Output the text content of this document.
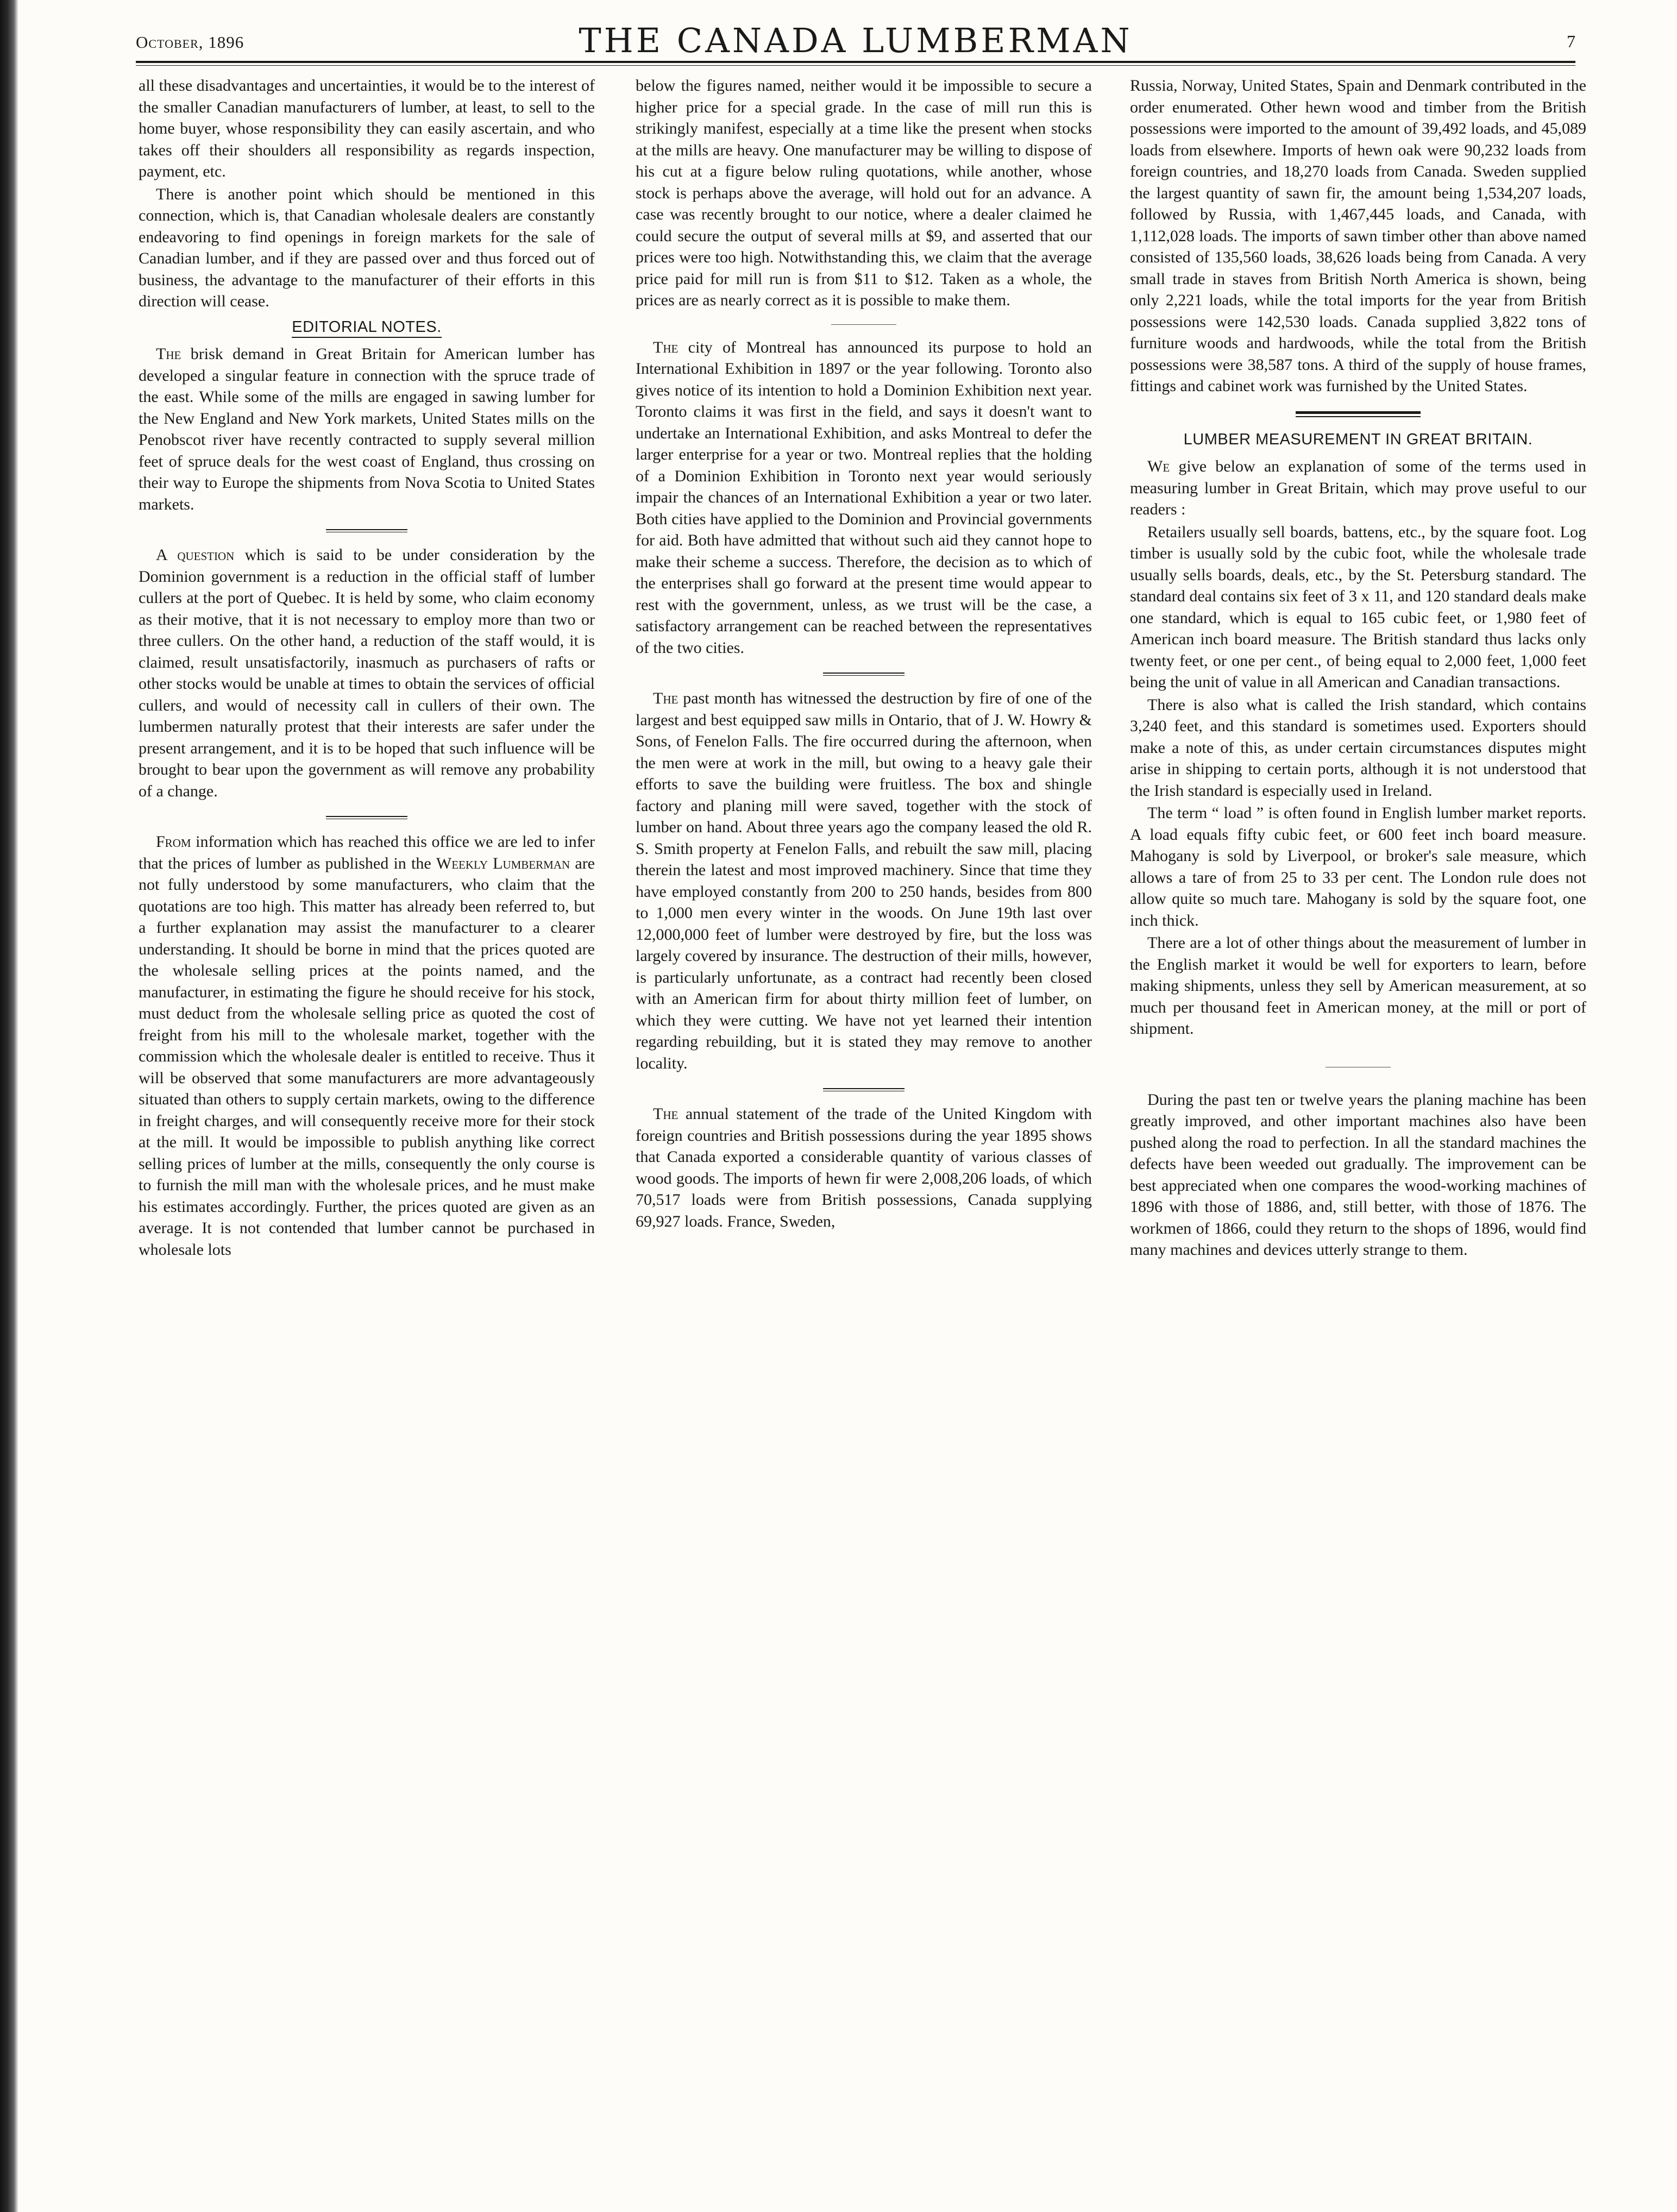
October, 1896	THE CANADA LUMBERMAN	7

all these disadvantages and uncertainties, it would be to the interest of the smaller Canadian manufacturers of lumber, at least, to sell to the home buyer, whose responsibility they can easily ascertain, and who takes off their shoulders all responsibility as regards inspection, payment, etc.

There is another point which should be mentioned in this connection, which is, that Canadian wholesale dealers are constantly endeavoring to find openings in foreign markets for the sale of Canadian lumber, and if they are passed over and thus forced out of business, the advantage to the manufacturer of their efforts in this direction will cease.

EDITORIAL NOTES.

The brisk demand in Great Britain for American lumber has developed a singular feature in connection with the spruce trade of the east. While some of the mills are engaged in sawing lumber for the New England and New York markets, United States mills on the Penobscot river have recently contracted to supply several million feet of spruce deals for the west coast of England, thus crossing on their way to Europe the shipments from Nova Scotia to United States markets.

A question which is said to be under consideration by the Dominion government is a reduction in the official staff of lumber cullers at the port of Quebec. It is held by some, who claim economy as their motive, that it is not necessary to employ more than two or three cullers. On the other hand, a reduction of the staff would, it is claimed, result unsatisfactorily, inasmuch as purchasers of rafts or other stocks would be unable at times to obtain the services of official cullers, and would of necessity call in cullers of their own. The lumbermen naturally protest that their interests are safer under the present arrangement, and it is to be hoped that such influence will be brought to bear upon the government as will remove any probability of a change.

From information which has reached this office we are led to infer that the prices of lumber as published in the Weekly Lumberman are not fully understood by some manufacturers, who claim that the quotations are too high. This matter has already been referred to, but a further explanation may assist the manufacturer to a clearer understanding. It should be borne in mind that the prices quoted are the wholesale selling prices at the points named, and the manufacturer, in estimating the figure he should receive for his stock, must deduct from the wholesale selling price as quoted the cost of freight from his mill to the wholesale market, together with the commission which the wholesale dealer is entitled to receive. Thus it will be observed that some manufacturers are more advantageously situated than others to supply certain markets, owing to the difference in freight charges, and will consequently receive more for their stock at the mill. It would be impossible to publish anything like correct selling prices of lumber at the mills, consequently the only course is to furnish the mill man with the wholesale prices, and he must make his estimates accordingly. Further, the prices quoted are given as an average. It is not contended that lumber cannot be purchased in wholesale lots

below the figures named, neither would it be impossible to secure a higher price for a special grade. In the case of mill run this is strikingly manifest, especially at a time like the present when stocks at the mills are heavy. One manufacturer may be willing to dispose of his cut at a figure below ruling quotations, while another, whose stock is perhaps above the average, will hold out for an advance. A case was recently brought to our notice, where a dealer claimed he could secure the output of several mills at $9, and asserted that our prices were too high. Notwithstanding this, we claim that the average price paid for mill run is from $11 to $12. Taken as a whole, the prices are as nearly correct as it is possible to make them.

The city of Montreal has announced its purpose to hold an International Exhibition in 1897 or the year following. Toronto also gives notice of its intention to hold a Dominion Exhibition next year. Toronto claims it was first in the field, and says it doesn't want to undertake an International Exhibition, and asks Montreal to defer the larger enterprise for a year or two. Montreal replies that the holding of a Dominion Exhibition in Toronto next year would seriously impair the chances of an International Exhibition a year or two later. Both cities have applied to the Dominion and Provincial governments for aid. Both have admitted that without such aid they cannot hope to make their scheme a success. Therefore, the decision as to which of the enterprises shall go forward at the present time would appear to rest with the government, unless, as we trust will be the case, a satisfactory arrangement can be reached between the representatives of the two cities.

The past month has witnessed the destruction by fire of one of the largest and best equipped saw mills in Ontario, that of J. W. Howry & Sons, of Fenelon Falls. The fire occurred during the afternoon, when the men were at work in the mill, but owing to a heavy gale their efforts to save the building were fruitless. The box and shingle factory and planing mill were saved, together with the stock of lumber on hand. About three years ago the company leased the old R. S. Smith property at Fenelon Falls, and rebuilt the saw mill, placing therein the latest and most improved machinery. Since that time they have employed constantly from 200 to 250 hands, besides from 800 to 1,000 men every winter in the woods. On June 19th last over 12,000,000 feet of lumber were destroyed by fire, but the loss was largely covered by insurance. The destruction of their mills, however, is particularly unfortunate, as a contract had recently been closed with an American firm for about thirty million feet of lumber, on which they were cutting. We have not yet learned their intention regarding rebuilding, but it is stated they may remove to another locality.

The annual statement of the trade of the United Kingdom with foreign countries and British possessions during the year 1895 shows that Canada exported a considerable quantity of various classes of wood goods. The imports of hewn fir were 2,008,206 loads, of which 70,517 loads were from British possessions, Canada supplying 69,927 loads. France, Sweden,

Russia, Norway, United States, Spain and Denmark contributed in the order enumerated. Other hewn wood and timber from the British possessions were imported to the amount of 39,492 loads, and 45,089 loads from elsewhere. Imports of hewn oak were 90,232 loads from foreign countries, and 18,270 loads from Canada. Sweden supplied the largest quantity of sawn fir, the amount being 1,534,207 loads, followed by Russia, with 1,467,445 loads, and Canada, with 1,112,028 loads. The imports of sawn timber other than above named consisted of 135,560 loads, 38,626 loads being from Canada. A very small trade in staves from British North America is shown, being only 2,221 loads, while the total imports for the year from British possessions were 142,530 loads. Canada supplied 3,822 tons of furniture woods and hardwoods, while the total from the British possessions were 38,587 tons. A third of the supply of house frames, fittings and cabinet work was furnished by the United States.

LUMBER MEASUREMENT IN GREAT BRITAIN.

We give below an explanation of some of the terms used in measuring lumber in Great Britain, which may prove useful to our readers :

Retailers usually sell boards, battens, etc., by the square foot. Log timber is usually sold by the cubic foot, while the wholesale trade usually sells boards, deals, etc., by the St. Petersburg standard. The standard deal contains six feet of 3 x 11, and 120 standard deals make one standard, which is equal to 165 cubic feet, or 1,980 feet of American inch board measure. The British standard thus lacks only twenty feet, or one per cent., of being equal to 2,000 feet, 1,000 feet being the unit of value in all American and Canadian transactions.

There is also what is called the Irish standard, which contains 3,240 feet, and this standard is sometimes used. Exporters should make a note of this, as under certain circumstances disputes might arise in shipping to certain ports, although it is not understood that the Irish standard is especially used in Ireland.

The term “ load ” is often found in English lumber market reports. A load equals fifty cubic feet, or 600 feet inch board measure. Mahogany is sold by Liverpool, or broker's sale measure, which allows a tare of from 25 to 33 per cent. The London rule does not allow quite so much tare. Mahogany is sold by the square foot, one inch thick.

There are a lot of other things about the measurement of lumber in the English market it would be well for exporters to learn, before making shipments, unless they sell by American measurement, at so much per thousand feet in American money, at the mill or port of shipment.

During the past ten or twelve years the planing machine has been greatly improved, and other important machines also have been pushed along the road to perfection. In all the standard machines the defects have been weeded out gradually. The improvement can be best appreciated when one compares the wood-working machines of 1896 with those of 1886, and, still better, with those of 1876. The workmen of 1866, could they return to the shops of 1896, would find many machines and devices utterly strange to them.
